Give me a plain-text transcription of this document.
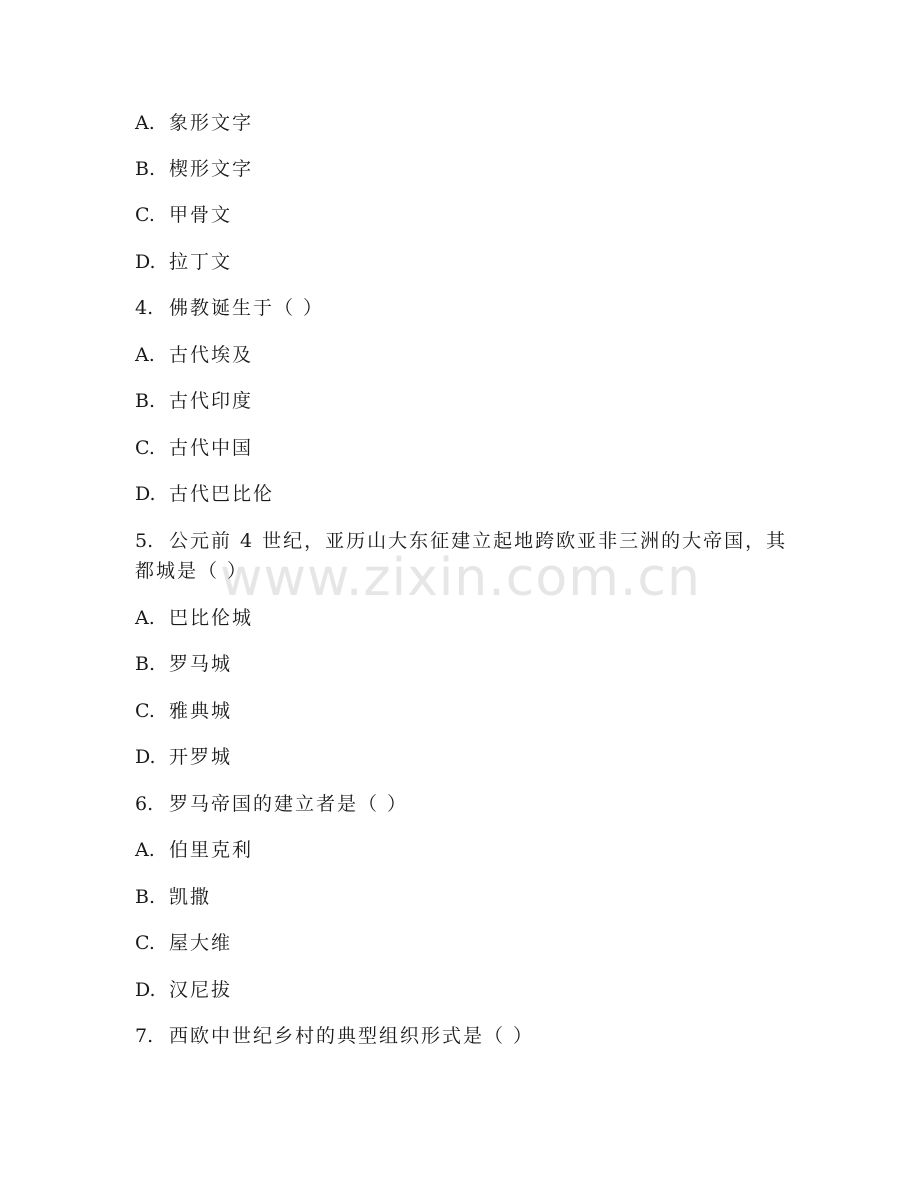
www.zixin.com.cn
A. 象形文字
B. 楔形文字
C. 甲骨文
D. 拉丁文
4. 佛教诞生于（ ）
A. 古代埃及
B. 古代印度
C. 古代中国
D. 古代巴比伦
5. 公元前 4 世纪，亚历山大东征建立起地跨欧亚非三洲的大帝国，其
都城是（ ）
A. 巴比伦城
B. 罗马城
C. 雅典城
D. 开罗城
6. 罗马帝国的建立者是（ ）
A. 伯里克利
B. 凯撒
C. 屋大维
D. 汉尼拔
7. 西欧中世纪乡村的典型组织形式是（ ）
